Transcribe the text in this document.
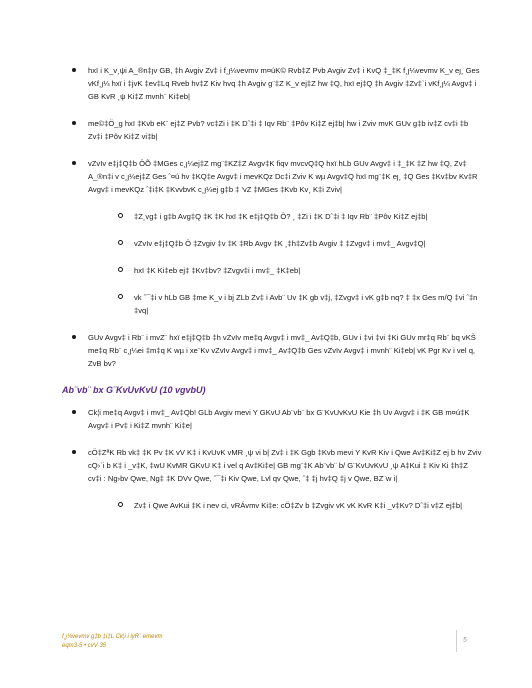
hxï i K_v¸ψi A_®n‡ȷv GB, ‡h Avgiv Zv‡ i f¸ȷ¼vevmv m¤úK© Rvb‡Z Pvb Avgiv Zv‡ i KvQ ‡_‡K f¸ȷ¼vevmv K_v eȷ¸ Ges vKf¸ȷ¼ hxï i ‡jvK ‡ev‡Lq Rveb hv‡Z Kiv hvq ‡h Avgiv g¨‡Z K_v ej‡Z hw ‡Q, hxï ej‡Q ‡h Avgiv ‡Zv‡`i vKf¸ȷ¼ Avgv‡ i GB KvR ¸ψ Ki‡Z mvnh¨ Ki‡eb|
me©‡Ö_g hxï ‡Kvb eK¨ ej‡Z Pvb? vc‡Zi i ‡K Dˆ‡i ‡ Iqv Rb¨ ‡Pôv Ki‡Z ej‡b| hw i Zviv mvK GUv g‡b iv‡Z cv‡i ‡b Zv‡i ‡Pôv Ki‡Z vi‡b|
vZvIv e‡j‡Q‡b ÔÕ ‡MGes c¸ȷ¼ej‡Z mg¨‡KZ‡Z Avgv‡K fiqv mvcvQ‡Q hxï hLb GUv Avgv‡ i ‡_‡K ‡Z hw ‡Q, Zv‡ A_®n‡i v c¸ȷ¼ej‡Z Ges ˆ¤ú hv ‡KQ‡e Avgv‡ i mevKQz Dc‡i Zviv K wµ Avgv‡Q hxï mg¨‡K eȷ¸ ‡Q Ges ‡Kv‡bv Kv‡R Avgv‡ i mevKQz ˆ‡i‡K ‡KvvbvK c¸ȷ¼ej g‡b ‡ 'vZ ‡MGes ‡Kvb Kv¸ K‡i Zviv|
‡Z¸vg‡ i g‡b Avg‡Q ‡K ‡K hxï ‡K e‡j‡Q‡b Ô? ¸ ‡Zi i ‡K Dˆ‡i ‡ Iqv Rb¨ ‡Pôv Ki‡Z ej‡b|
vZvIv e‡j‡Q‡b Ô ‡Zvgiv ‡v ‡K ‡Rb Avgv ‡K ¸‡h‡Zv‡b Avgiv ‡ ‡Zvgv‡ i mv‡_ Avgv‡Q|
hxï ‡K Ki‡eb ej‡ ‡Kv‡bv? ‡Zvgv‡i i mv‡_ ‡K‡eb|
vk ˆ¯‡i v hLb GB ‡me K_v i bj ZLb Zv‡ i Avb¨ Uv ‡K gb v‡j, ‡Zvgv‡ i vK g‡b nq? ‡ ‡x Ges m/Q ‡vi ˆ‡n ‡vq|
GUv Avgv‡ i Rb¨ i mvZ¨ hxï e‡j‡Q‡b ‡h vZvIv me‡q Avgv‡ i mv‡_ Av‡Q‡b, GUv i ‡vi ‡vi ‡Ki GUv mr‡q Rb¨ bq vKŠ me‡q Rb¨ c¸ȷ¼ei ‡m‡q K wµ i xe¨Kv vZvIv Avgv‡ i mv‡_ Av‡Q‡b Ges vZvIv Avgv‡ i mvnh¨ Ki‡eb| vK Pgr Kv i vel q, ZvB bv?
Ab¨vb¨ bx G¨KvUvKvU (10 vgvbU)
Ck¦i me‡q Avgv‡ i mv‡_ Av‡Qb! GLb Avgiv mevi Y GKvU Ab¨vb¨ bx G¨KvUvKvU Kie ‡h Uv Avgv‡ i ‡K GB m¤ú‡K Avgv‡ i Pv‡ i Ki‡Z mvnh¨ Ki‡e|
cÖ‡ZªK Rb vk‡ ‡K Pv ‡K vV K‡ i KvUvK vMR ¸ψ vi b| Zv‡ i ‡K Ggb ‡Kvb mevi Y KvR Kiv i Qwe Av‡Ki‡Z ej b hv Zviv cQ›`i b K‡ i _v‡K, ‡wU KvMR GKvU K‡ i vel q Av‡Ki‡e| GB mg¨‡K Ab¨vb¨ b/ G¨KvUvKvU ¸ψ A‡Kui ‡ Kiv Ki ‡h‡Z cv‡i : Ng›bv Qwe, Ng‡ ‡K DVv Qwe, ˆ¯‡i Kiv Qwe, Lvl qv Qwe, ˆ‡ ‡j hv‡Q ‡j v Qwe, BZ¨w i|
Zv‡ i Qwe AvKui ‡K i nev ci, vRÁvmv Ki‡e: cÖ‡Zv b ‡Zvgiv vK vK KvR K‡i _v‡Kv? Dˆ‡i v‡Z ej‡b|
f¸ȷ¼vevmv g‡b ‡i‡L Ck¦i i iyR¨ emevm
eqm3-5 • cvV 35
5
